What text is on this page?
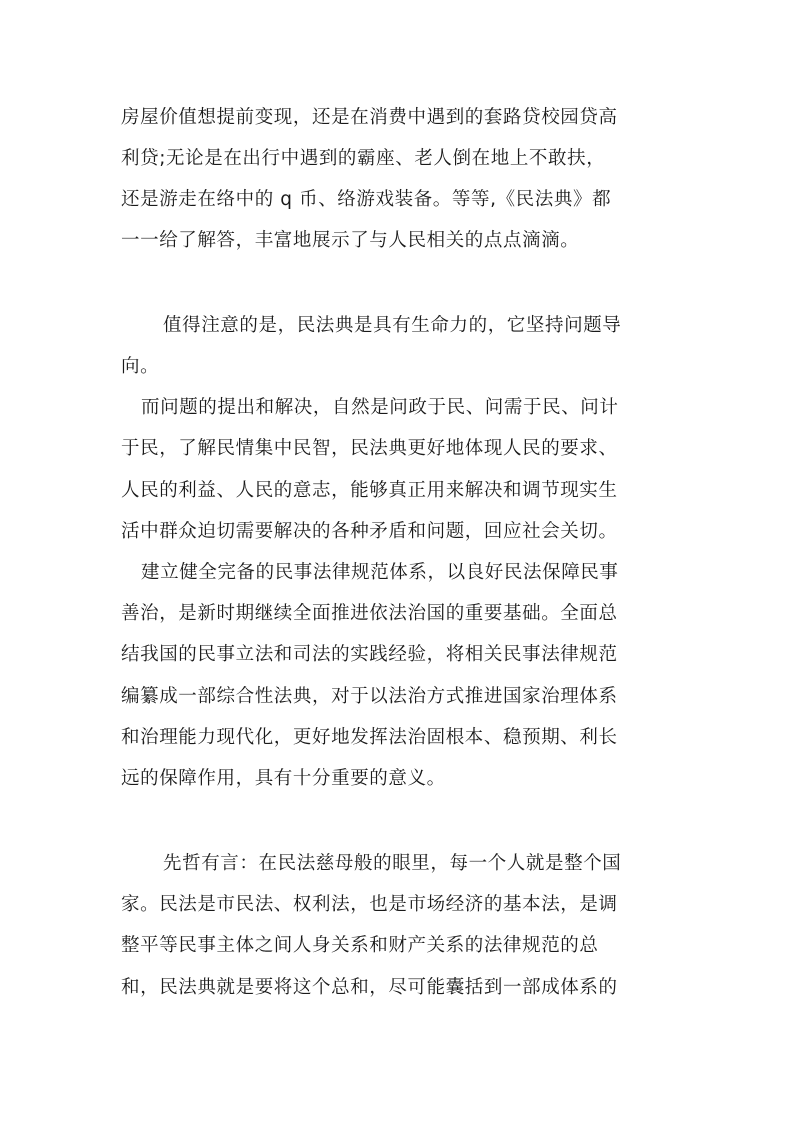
房屋价值想提前变现，还是在消费中遇到的套路贷校园贷高
利贷;无论是在出行中遇到的霸座、老人倒在地上不敢扶，
还是游走在络中的 q 币、络游戏装备。等等,《民法典》都
一一给了解答，丰富地展示了与人民相关的点点滴滴。
值得注意的是，民法典是具有生命力的，它坚持问题导
向。
而问题的提出和解决，自然是问政于民、问需于民、问计
于民，了解民情集中民智，民法典更好地体现人民的要求、
人民的利益、人民的意志，能够真正用来解决和调节现实生
活中群众迫切需要解决的各种矛盾和问题，回应社会关切。
建立健全完备的民事法律规范体系，以良好民法保障民事
善治，是新时期继续全面推进依法治国的重要基础。全面总
结我国的民事立法和司法的实践经验，将相关民事法律规范
编纂成一部综合性法典，对于以法治方式推进国家治理体系
和治理能力现代化，更好地发挥法治固根本、稳预期、利长
远的保障作用，具有十分重要的意义。
先哲有言：在民法慈母般的眼里，每一个人就是整个国
家。民法是市民法、权利法，也是市场经济的基本法，是调
整平等民事主体之间人身关系和财产关系的法律规范的总
和，民法典就是要将这个总和，尽可能囊括到一部成体系的
